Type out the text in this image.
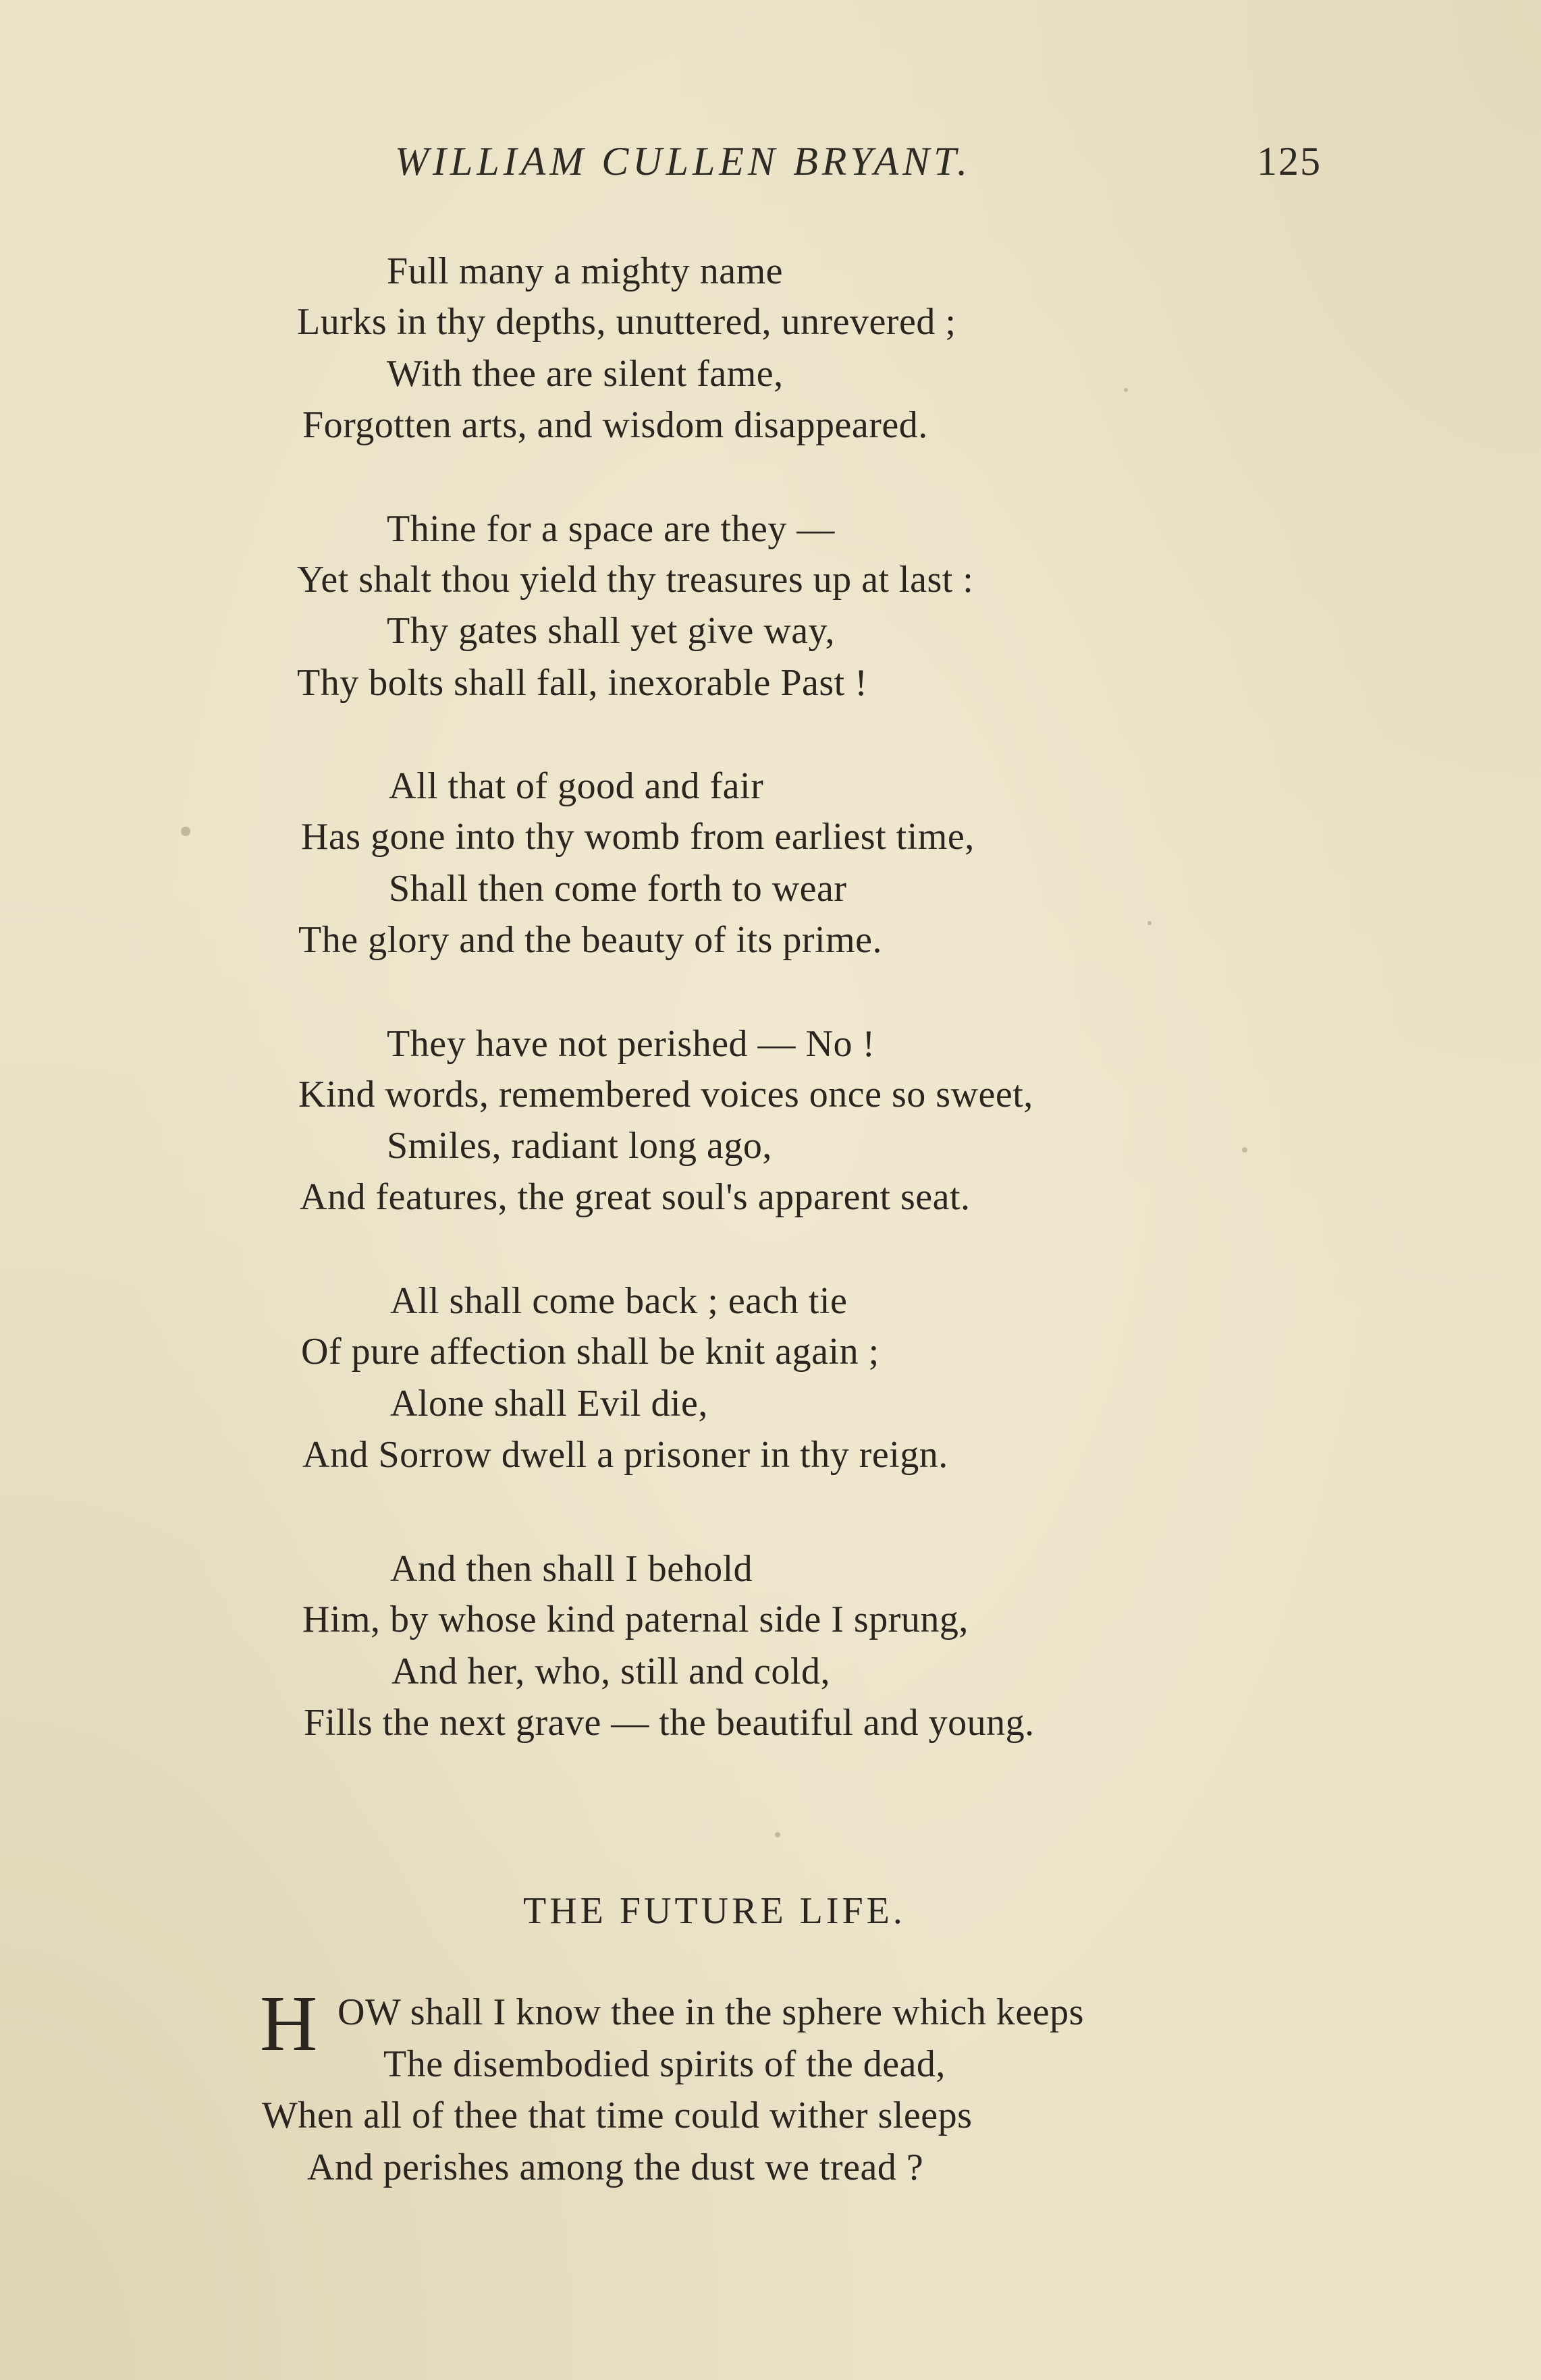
WILLIAM CULLEN BRYANT.	125
Full many a mighty name
Lurks in thy depths, unuttered, unrevered ;
With thee are silent fame,
Forgotten arts, and wisdom disappeared.
Thine for a space are they —
Yet shalt thou yield thy treasures up at last :
Thy gates shall yet give way,
Thy bolts shall fall, inexorable Past !
All that of good and fair
Has gone into thy womb from earliest time,
Shall then come forth to wear
The glory and the beauty of its prime.
They have not perished — No !
Kind words, remembered voices once so sweet,
Smiles, radiant long ago,
And features, the great soul's apparent seat.
All shall come back ; each tie
Of pure affection shall be knit again ;
Alone shall Evil die,
And Sorrow dwell a prisoner in thy reign.
And then shall I behold
Him, by whose kind paternal side I sprung,
And her, who, still and cold,
Fills the next grave — the beautiful and young.
THE FUTURE LIFE.
H OW shall I know thee in the sphere which keeps
The disembodied spirits of the dead,
When all of thee that time could wither sleeps
And perishes among the dust we tread ?
